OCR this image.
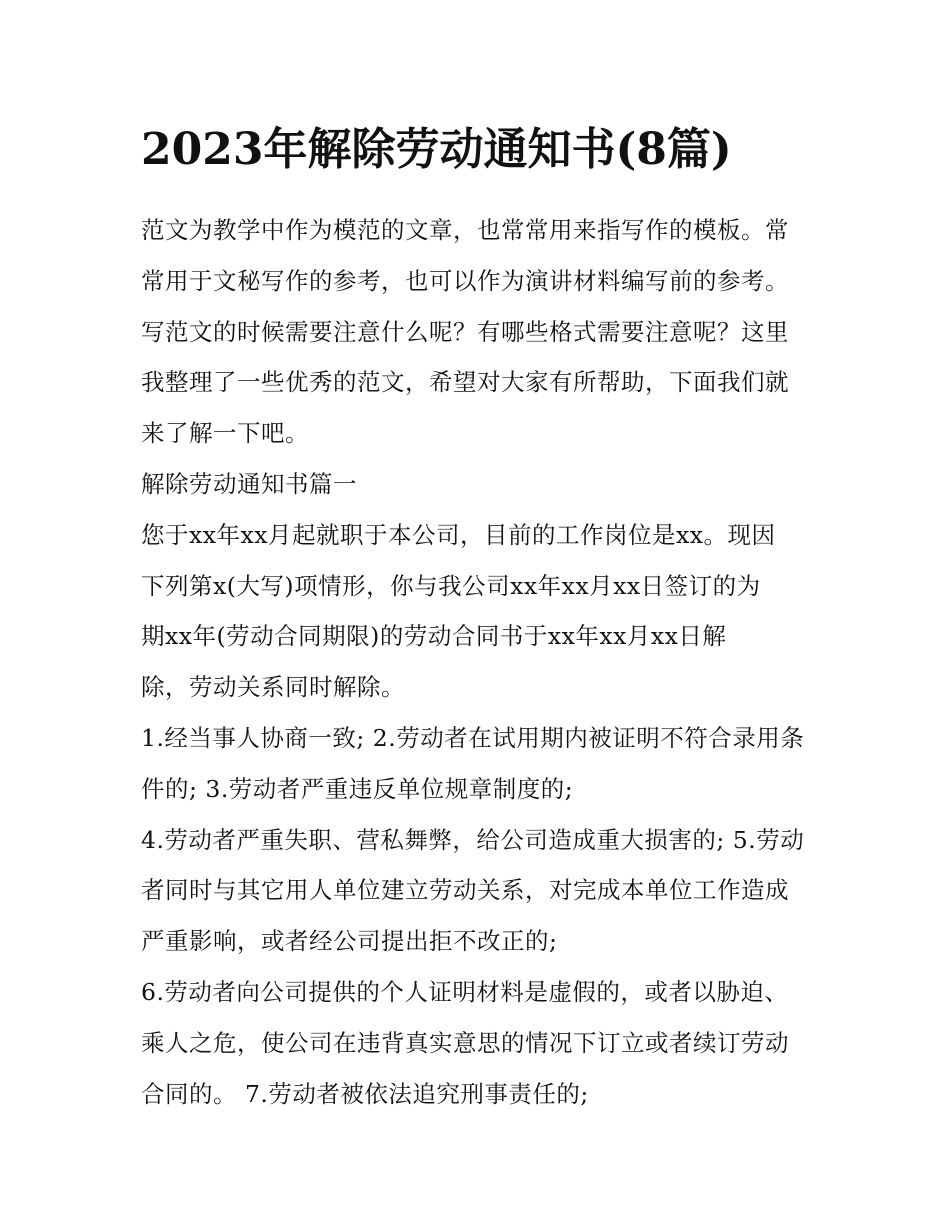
2023年解除劳动通知书(8篇)

范文为教学中作为模范的文章，也常常用来指写作的模板。常
常用于文秘写作的参考，也可以作为演讲材料编写前的参考。
写范文的时候需要注意什么呢？有哪些格式需要注意呢？这里
我整理了一些优秀的范文，希望对大家有所帮助，下面我们就
来了解一下吧。

解除劳动通知书篇一

您于xx年xx月起就职于本公司，目前的工作岗位是xx。现因
下列第x(大写)项情形，你与我公司xx年xx月xx日签订的为
期xx年(劳动合同期限)的劳动合同书于xx年xx月xx日解
除，劳动关系同时解除。

1.经当事人协商一致; 2.劳动者在试用期内被证明不符合录用条
件的; 3.劳动者严重违反单位规章制度的;

4.劳动者严重失职、营私舞弊，给公司造成重大损害的; 5.劳动
者同时与其它用人单位建立劳动关系，对完成本单位工作造成
严重影响，或者经公司提出拒不改正的;

6.劳动者向公司提供的个人证明材料是虚假的，或者以胁迫、
乘人之危，使公司在违背真实意思的情况下订立或者续订劳动
合同的。 7.劳动者被依法追究刑事责任的;
